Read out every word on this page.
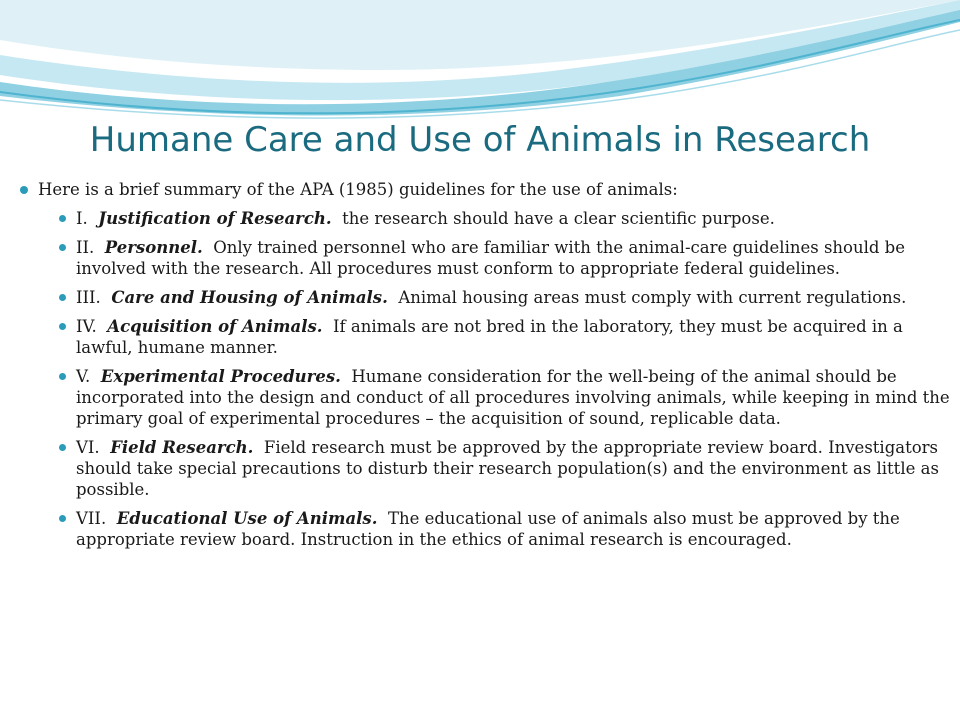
Humane Care and Use of Animals in Research
Here is a brief summary of the APA (1985) guidelines for the use of animals:
I. Justification of Research. the research should have a clear scientific purpose.
II. Personnel. Only trained personnel who are familiar with the animal-care guidelines should be involved with the research. All procedures must conform to appropriate federal guidelines.
III. Care and Housing of Animals. Animal housing areas must comply with current regulations.
IV. Acquisition of Animals. If animals are not bred in the laboratory, they must be acquired in a lawful, humane manner.
V. Experimental Procedures. Humane consideration for the well-being of the animal should be incorporated into the design and conduct of all procedures involving animals, while keeping in mind the primary goal of experimental procedures – the acquisition of sound, replicable data.
VI. Field Research. Field research must be approved by the appropriate review board. Investigators should take special precautions to disturb their research population(s) and the environment as little as possible.
VII. Educational Use of Animals. The educational use of animals also must be approved by the appropriate review board. Instruction in the ethics of animal research is encouraged.
